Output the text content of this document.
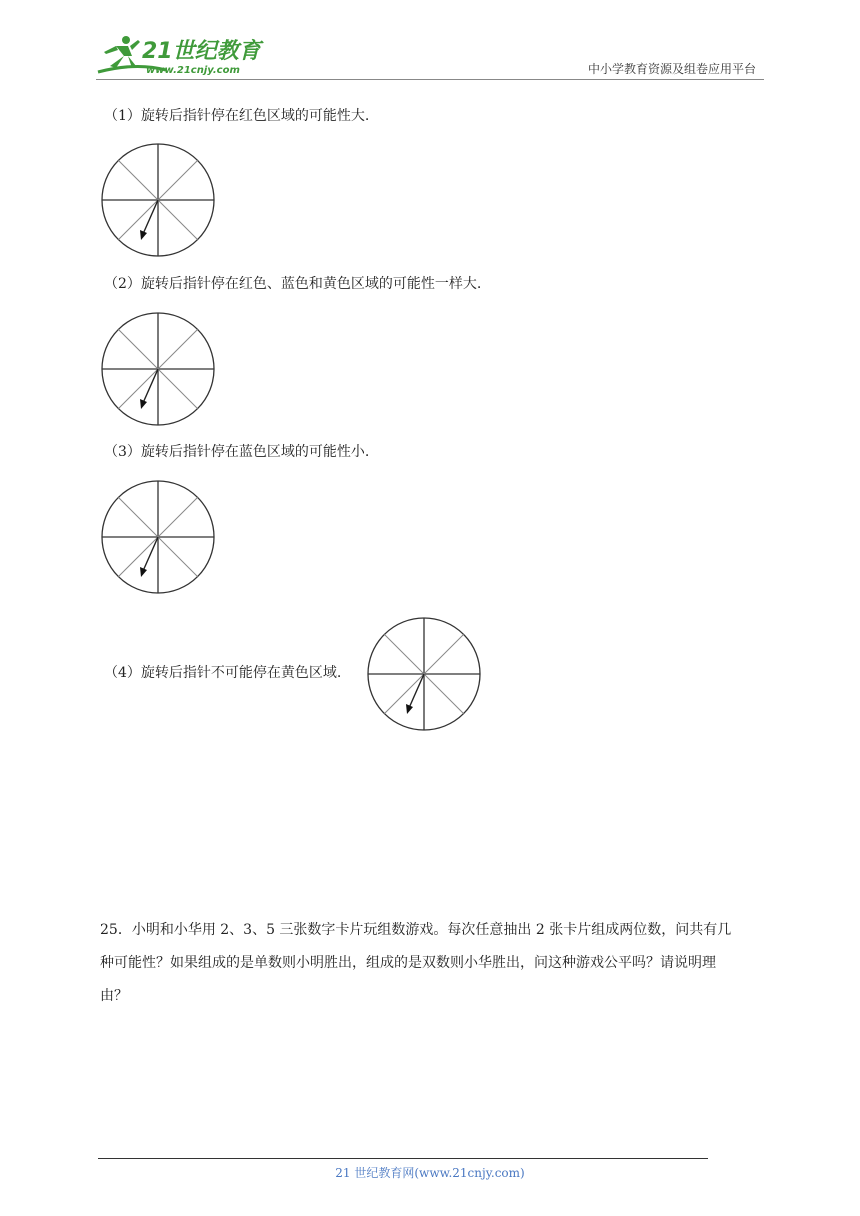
21世纪教育
www.21cnjy.com	中小学教育资源及组卷应用平台
（1）旋转后指针停在红色区域的可能性大.
（2）旋转后指针停在红色、蓝色和黄色区域的可能性一样大.
（3）旋转后指针停在蓝色区域的可能性小.
（4）旋转后指针不可能停在黄色区域.
25．小明和小华用 2、3、5 三张数字卡片玩组数游戏。每次任意抽出 2 张卡片组成两位数，问共有几
种可能性？如果组成的是单数则小明胜出，组成的是双数则小华胜出，问这种游戏公平吗？请说明理
由？
21 世纪教育网(www.21cnjy.com)
